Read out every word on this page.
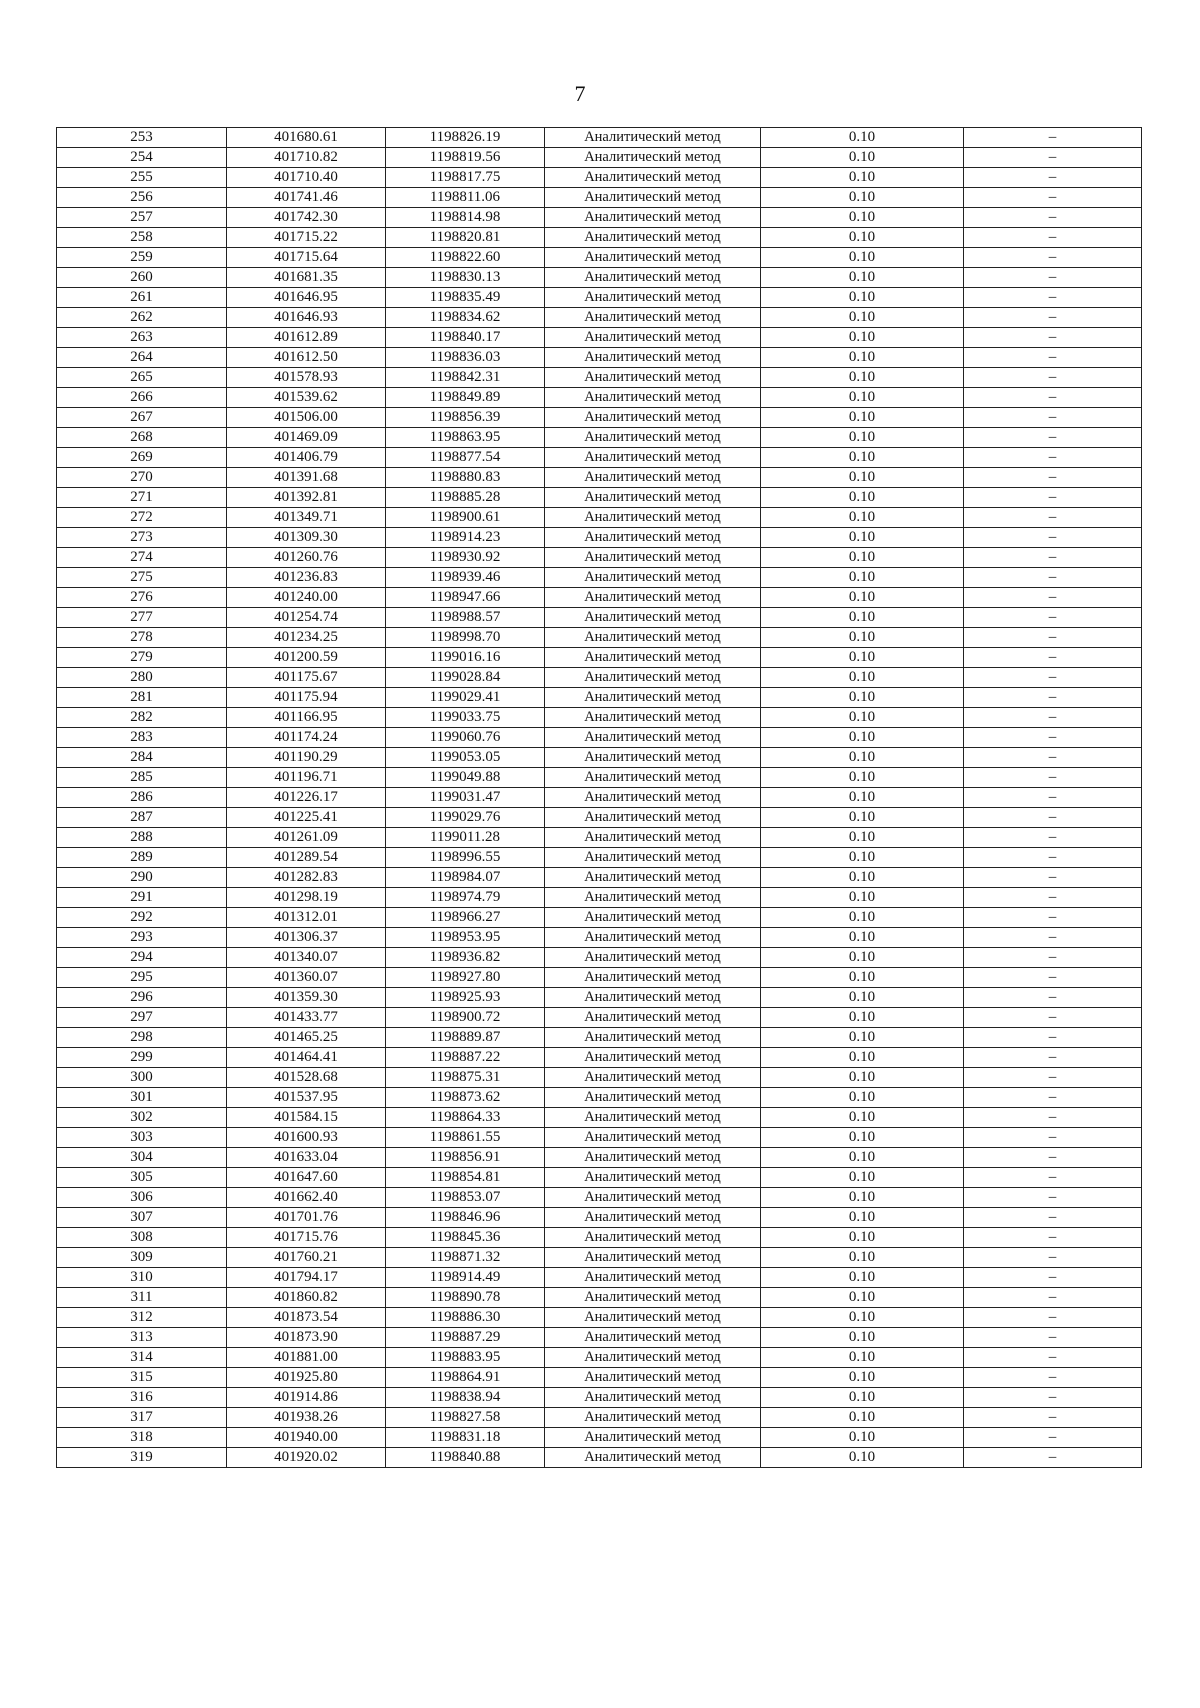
7
253	401680.61	1198826.19	Аналитический метод	0.10	–
254	401710.82	1198819.56	Аналитический метод	0.10	–
255	401710.40	1198817.75	Аналитический метод	0.10	–
256	401741.46	1198811.06	Аналитический метод	0.10	–
257	401742.30	1198814.98	Аналитический метод	0.10	–
258	401715.22	1198820.81	Аналитический метод	0.10	–
259	401715.64	1198822.60	Аналитический метод	0.10	–
260	401681.35	1198830.13	Аналитический метод	0.10	–
261	401646.95	1198835.49	Аналитический метод	0.10	–
262	401646.93	1198834.62	Аналитический метод	0.10	–
263	401612.89	1198840.17	Аналитический метод	0.10	–
264	401612.50	1198836.03	Аналитический метод	0.10	–
265	401578.93	1198842.31	Аналитический метод	0.10	–
266	401539.62	1198849.89	Аналитический метод	0.10	–
267	401506.00	1198856.39	Аналитический метод	0.10	–
268	401469.09	1198863.95	Аналитический метод	0.10	–
269	401406.79	1198877.54	Аналитический метод	0.10	–
270	401391.68	1198880.83	Аналитический метод	0.10	–
271	401392.81	1198885.28	Аналитический метод	0.10	–
272	401349.71	1198900.61	Аналитический метод	0.10	–
273	401309.30	1198914.23	Аналитический метод	0.10	–
274	401260.76	1198930.92	Аналитический метод	0.10	–
275	401236.83	1198939.46	Аналитический метод	0.10	–
276	401240.00	1198947.66	Аналитический метод	0.10	–
277	401254.74	1198988.57	Аналитический метод	0.10	–
278	401234.25	1198998.70	Аналитический метод	0.10	–
279	401200.59	1199016.16	Аналитический метод	0.10	–
280	401175.67	1199028.84	Аналитический метод	0.10	–
281	401175.94	1199029.41	Аналитический метод	0.10	–
282	401166.95	1199033.75	Аналитический метод	0.10	–
283	401174.24	1199060.76	Аналитический метод	0.10	–
284	401190.29	1199053.05	Аналитический метод	0.10	–
285	401196.71	1199049.88	Аналитический метод	0.10	–
286	401226.17	1199031.47	Аналитический метод	0.10	–
287	401225.41	1199029.76	Аналитический метод	0.10	–
288	401261.09	1199011.28	Аналитический метод	0.10	–
289	401289.54	1198996.55	Аналитический метод	0.10	–
290	401282.83	1198984.07	Аналитический метод	0.10	–
291	401298.19	1198974.79	Аналитический метод	0.10	–
292	401312.01	1198966.27	Аналитический метод	0.10	–
293	401306.37	1198953.95	Аналитический метод	0.10	–
294	401340.07	1198936.82	Аналитический метод	0.10	–
295	401360.07	1198927.80	Аналитический метод	0.10	–
296	401359.30	1198925.93	Аналитический метод	0.10	–
297	401433.77	1198900.72	Аналитический метод	0.10	–
298	401465.25	1198889.87	Аналитический метод	0.10	–
299	401464.41	1198887.22	Аналитический метод	0.10	–
300	401528.68	1198875.31	Аналитический метод	0.10	–
301	401537.95	1198873.62	Аналитический метод	0.10	–
302	401584.15	1198864.33	Аналитический метод	0.10	–
303	401600.93	1198861.55	Аналитический метод	0.10	–
304	401633.04	1198856.91	Аналитический метод	0.10	–
305	401647.60	1198854.81	Аналитический метод	0.10	–
306	401662.40	1198853.07	Аналитический метод	0.10	–
307	401701.76	1198846.96	Аналитический метод	0.10	–
308	401715.76	1198845.36	Аналитический метод	0.10	–
309	401760.21	1198871.32	Аналитический метод	0.10	–
310	401794.17	1198914.49	Аналитический метод	0.10	–
311	401860.82	1198890.78	Аналитический метод	0.10	–
312	401873.54	1198886.30	Аналитический метод	0.10	–
313	401873.90	1198887.29	Аналитический метод	0.10	–
314	401881.00	1198883.95	Аналитический метод	0.10	–
315	401925.80	1198864.91	Аналитический метод	0.10	–
316	401914.86	1198838.94	Аналитический метод	0.10	–
317	401938.26	1198827.58	Аналитический метод	0.10	–
318	401940.00	1198831.18	Аналитический метод	0.10	–
319	401920.02	1198840.88	Аналитический метод	0.10	–
